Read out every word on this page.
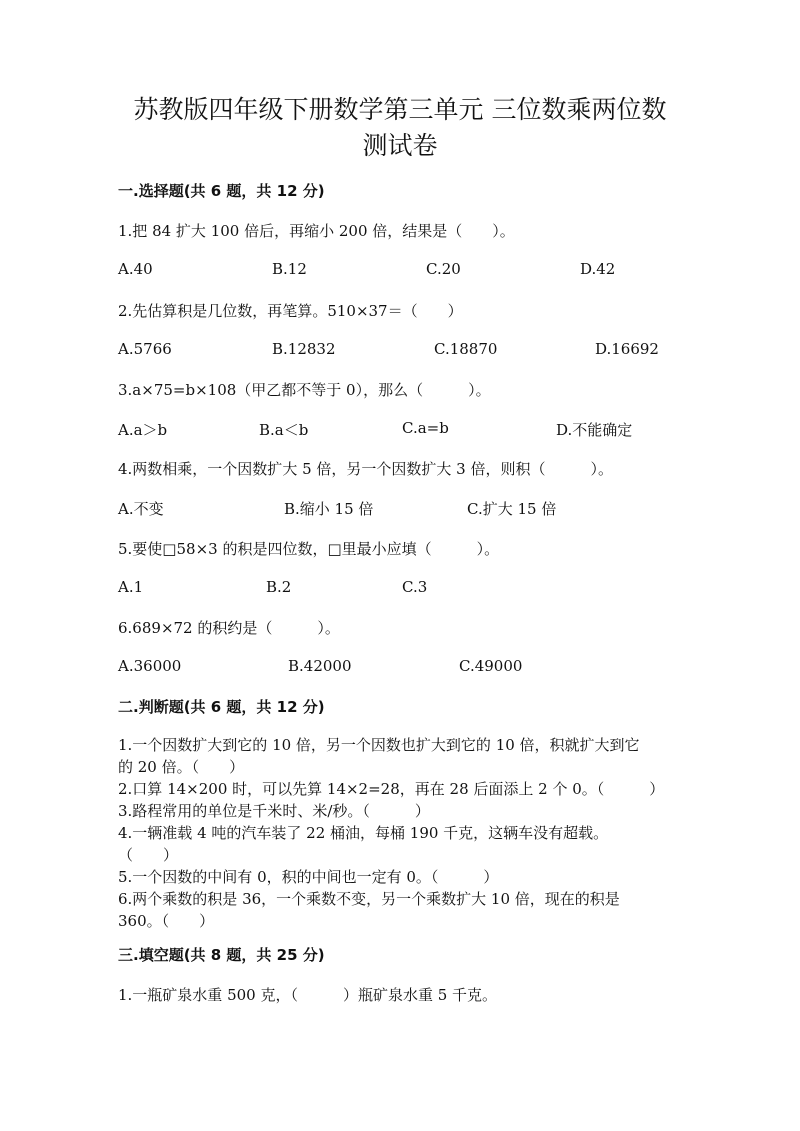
苏教版四年级下册数学第三单元 三位数乘两位数
测试卷
一.选择题(共 6 题，共 12 分)
1.把 84 扩大 100 倍后，再缩小 200 倍，结果是（　　）。
A.40	B.12	C.20	D.42
2.先估算积是几位数，再笔算。510×37＝（　　）
A.5766	B.12832	C.18870	D.16692
3.a×75=b×108（甲乙都不等于 0），那么（　　　）。
A.a＞b	B.a＜b	C.a=b	D.不能确定
4.两数相乘，一个因数扩大 5 倍，另一个因数扩大 3 倍，则积（　　　）。
A.不变	B.缩小 15 倍	C.扩大 15 倍
5.要使□58×3 的积是四位数，□里最小应填（　　　）。
A.1	B.2	C.3
6.689×72 的积约是（　　　）。
A.36000	B.42000	C.49000
二.判断题(共 6 题，共 12 分)
1.一个因数扩大到它的 10 倍，另一个因数也扩大到它的 10 倍，积就扩大到它
的 20 倍。（　　）
2.口算 14×200 时，可以先算 14×2=28，再在 28 后面添上 2 个 0。（　　　）
3.路程常用的单位是千米时、米/秒。（　　　）
4.一辆准载 4 吨的汽车装了 22 桶油，每桶 190 千克，这辆车没有超载。
（　　）
5.一个因数的中间有 0，积的中间也一定有 0。（　　　）
6.两个乘数的积是 36，一个乘数不变，另一个乘数扩大 10 倍，现在的积是
360。（　　）
三.填空题(共 8 题，共 25 分)
1.一瓶矿泉水重 500 克，（　　　）瓶矿泉水重 5 千克。
